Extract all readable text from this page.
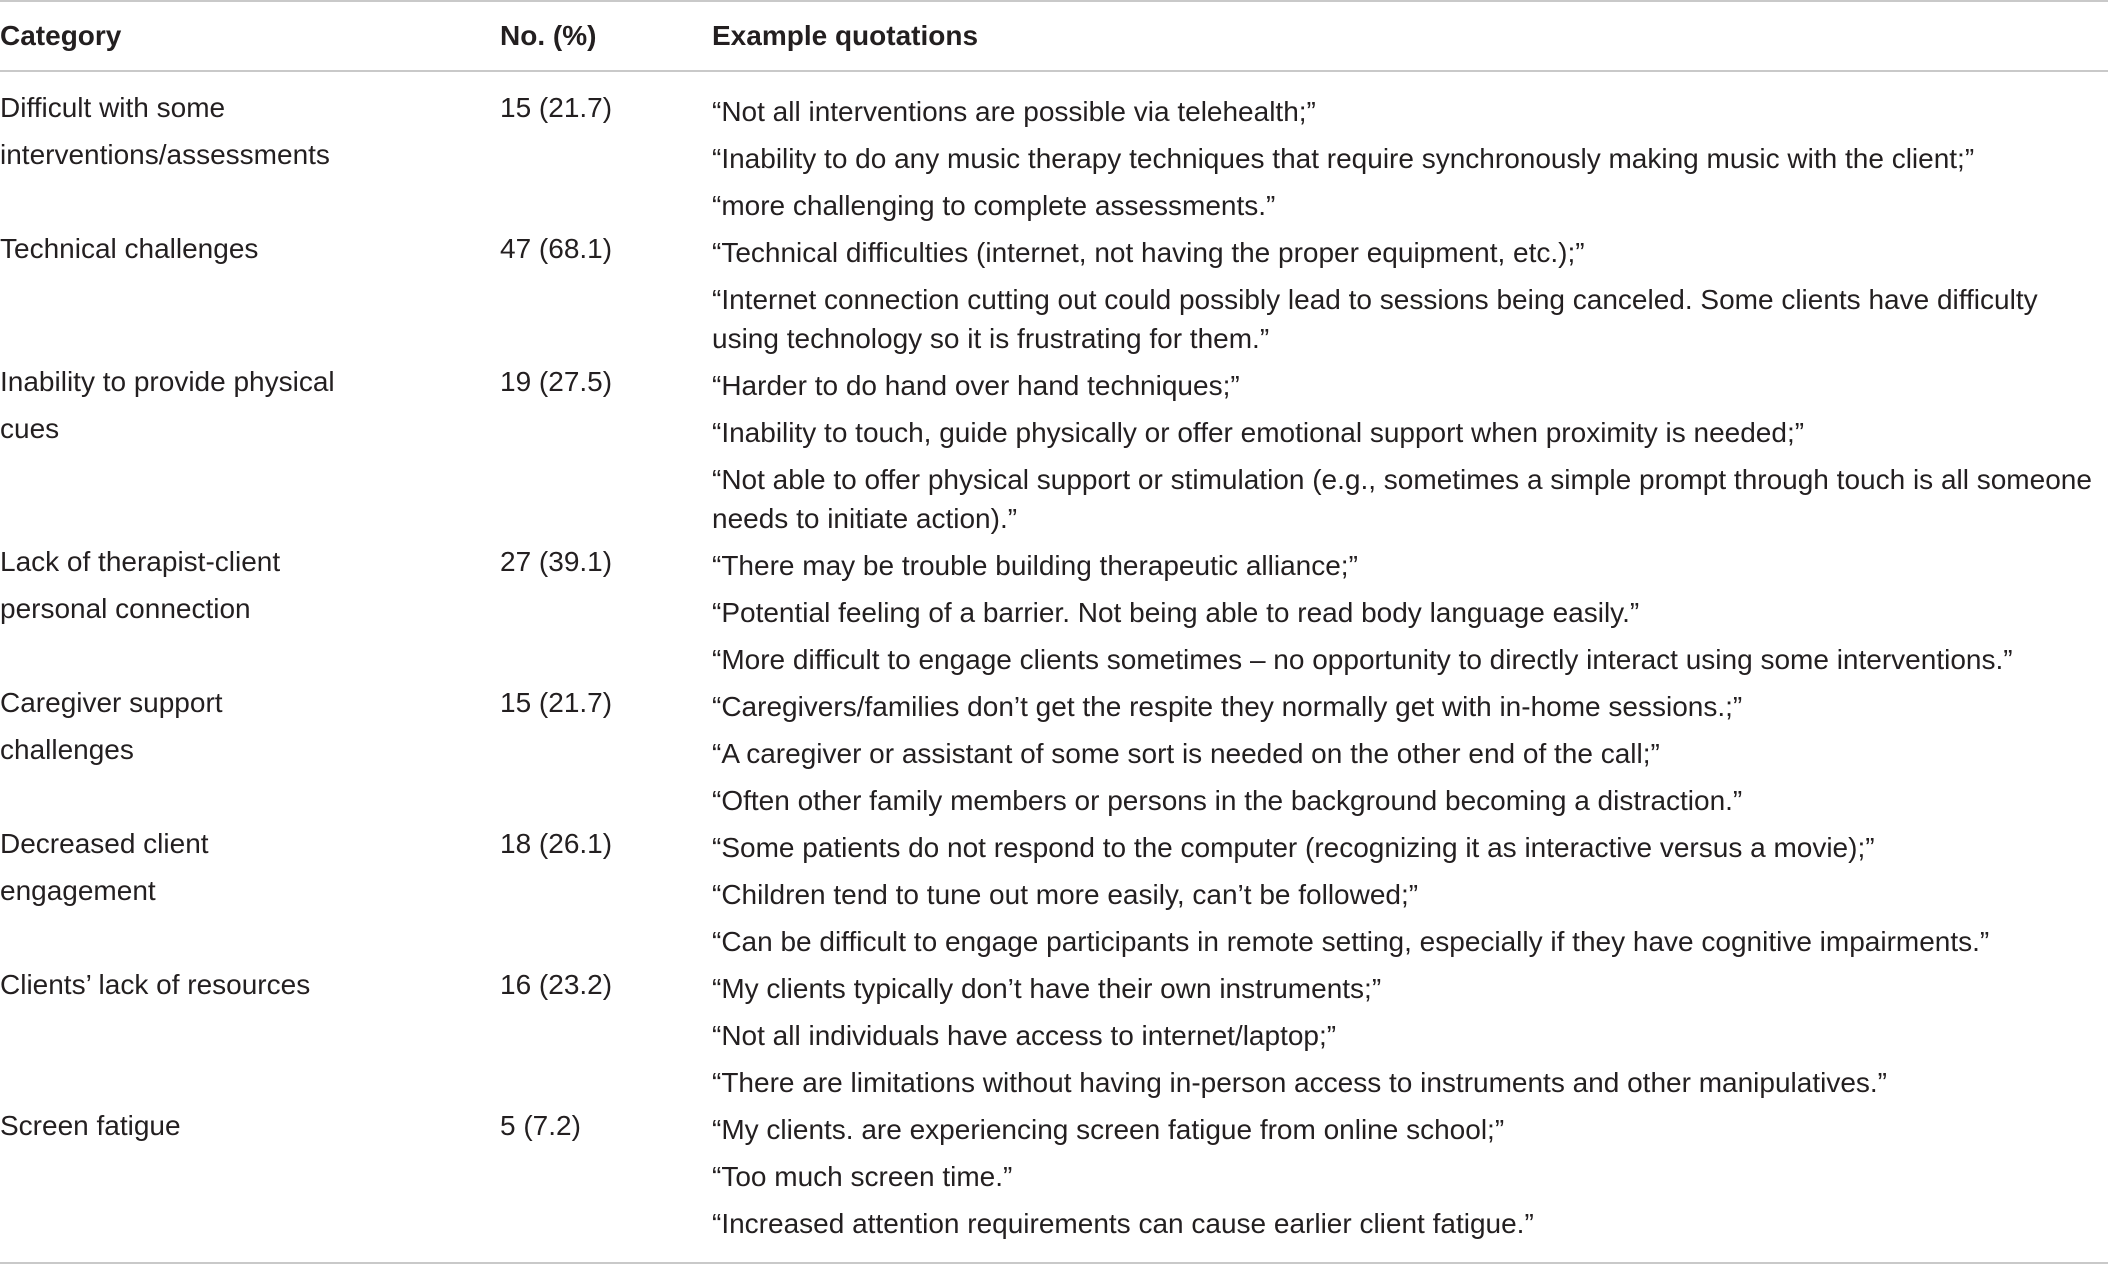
Category	No. (%)	Example quotations

Difficult with some interventions/assessments	15 (21.7)	“Not all interventions are possible via telehealth;”
“Inability to do any music therapy techniques that require synchronously making music with the client;”
“more challenging to complete assessments.”

Technical challenges	47 (68.1)	“Technical difficulties (internet, not having the proper equipment, etc.);”
“Internet connection cutting out could possibly lead to sessions being canceled. Some clients have difficulty using technology so it is frustrating for them.”

Inability to provide physical cues	19 (27.5)	“Harder to do hand over hand techniques;”
“Inability to touch, guide physically or offer emotional support when proximity is needed;”
“Not able to offer physical support or stimulation (e.g., sometimes a simple prompt through touch is all someone needs to initiate action).”

Lack of therapist-client personal connection	27 (39.1)	“There may be trouble building therapeutic alliance;”
“Potential feeling of a barrier. Not being able to read body language easily.”
“More difficult to engage clients sometimes – no opportunity to directly interact using some interventions.”

Caregiver support challenges	15 (21.7)	“Caregivers/families don’t get the respite they normally get with in-home sessions.;”
“A caregiver or assistant of some sort is needed on the other end of the call;”
“Often other family members or persons in the background becoming a distraction.”

Decreased client engagement	18 (26.1)	“Some patients do not respond to the computer (recognizing it as interactive versus a movie);”
“Children tend to tune out more easily, can’t be followed;”
“Can be difficult to engage participants in remote setting, especially if they have cognitive impairments.”

Clients’ lack of resources	16 (23.2)	“My clients typically don’t have their own instruments;”
“Not all individuals have access to internet/laptop;”
“There are limitations without having in-person access to instruments and other manipulatives.”

Screen fatigue	5 (7.2)	“My clients. are experiencing screen fatigue from online school;”
“Too much screen time.”
“Increased attention requirements can cause earlier client fatigue.”
